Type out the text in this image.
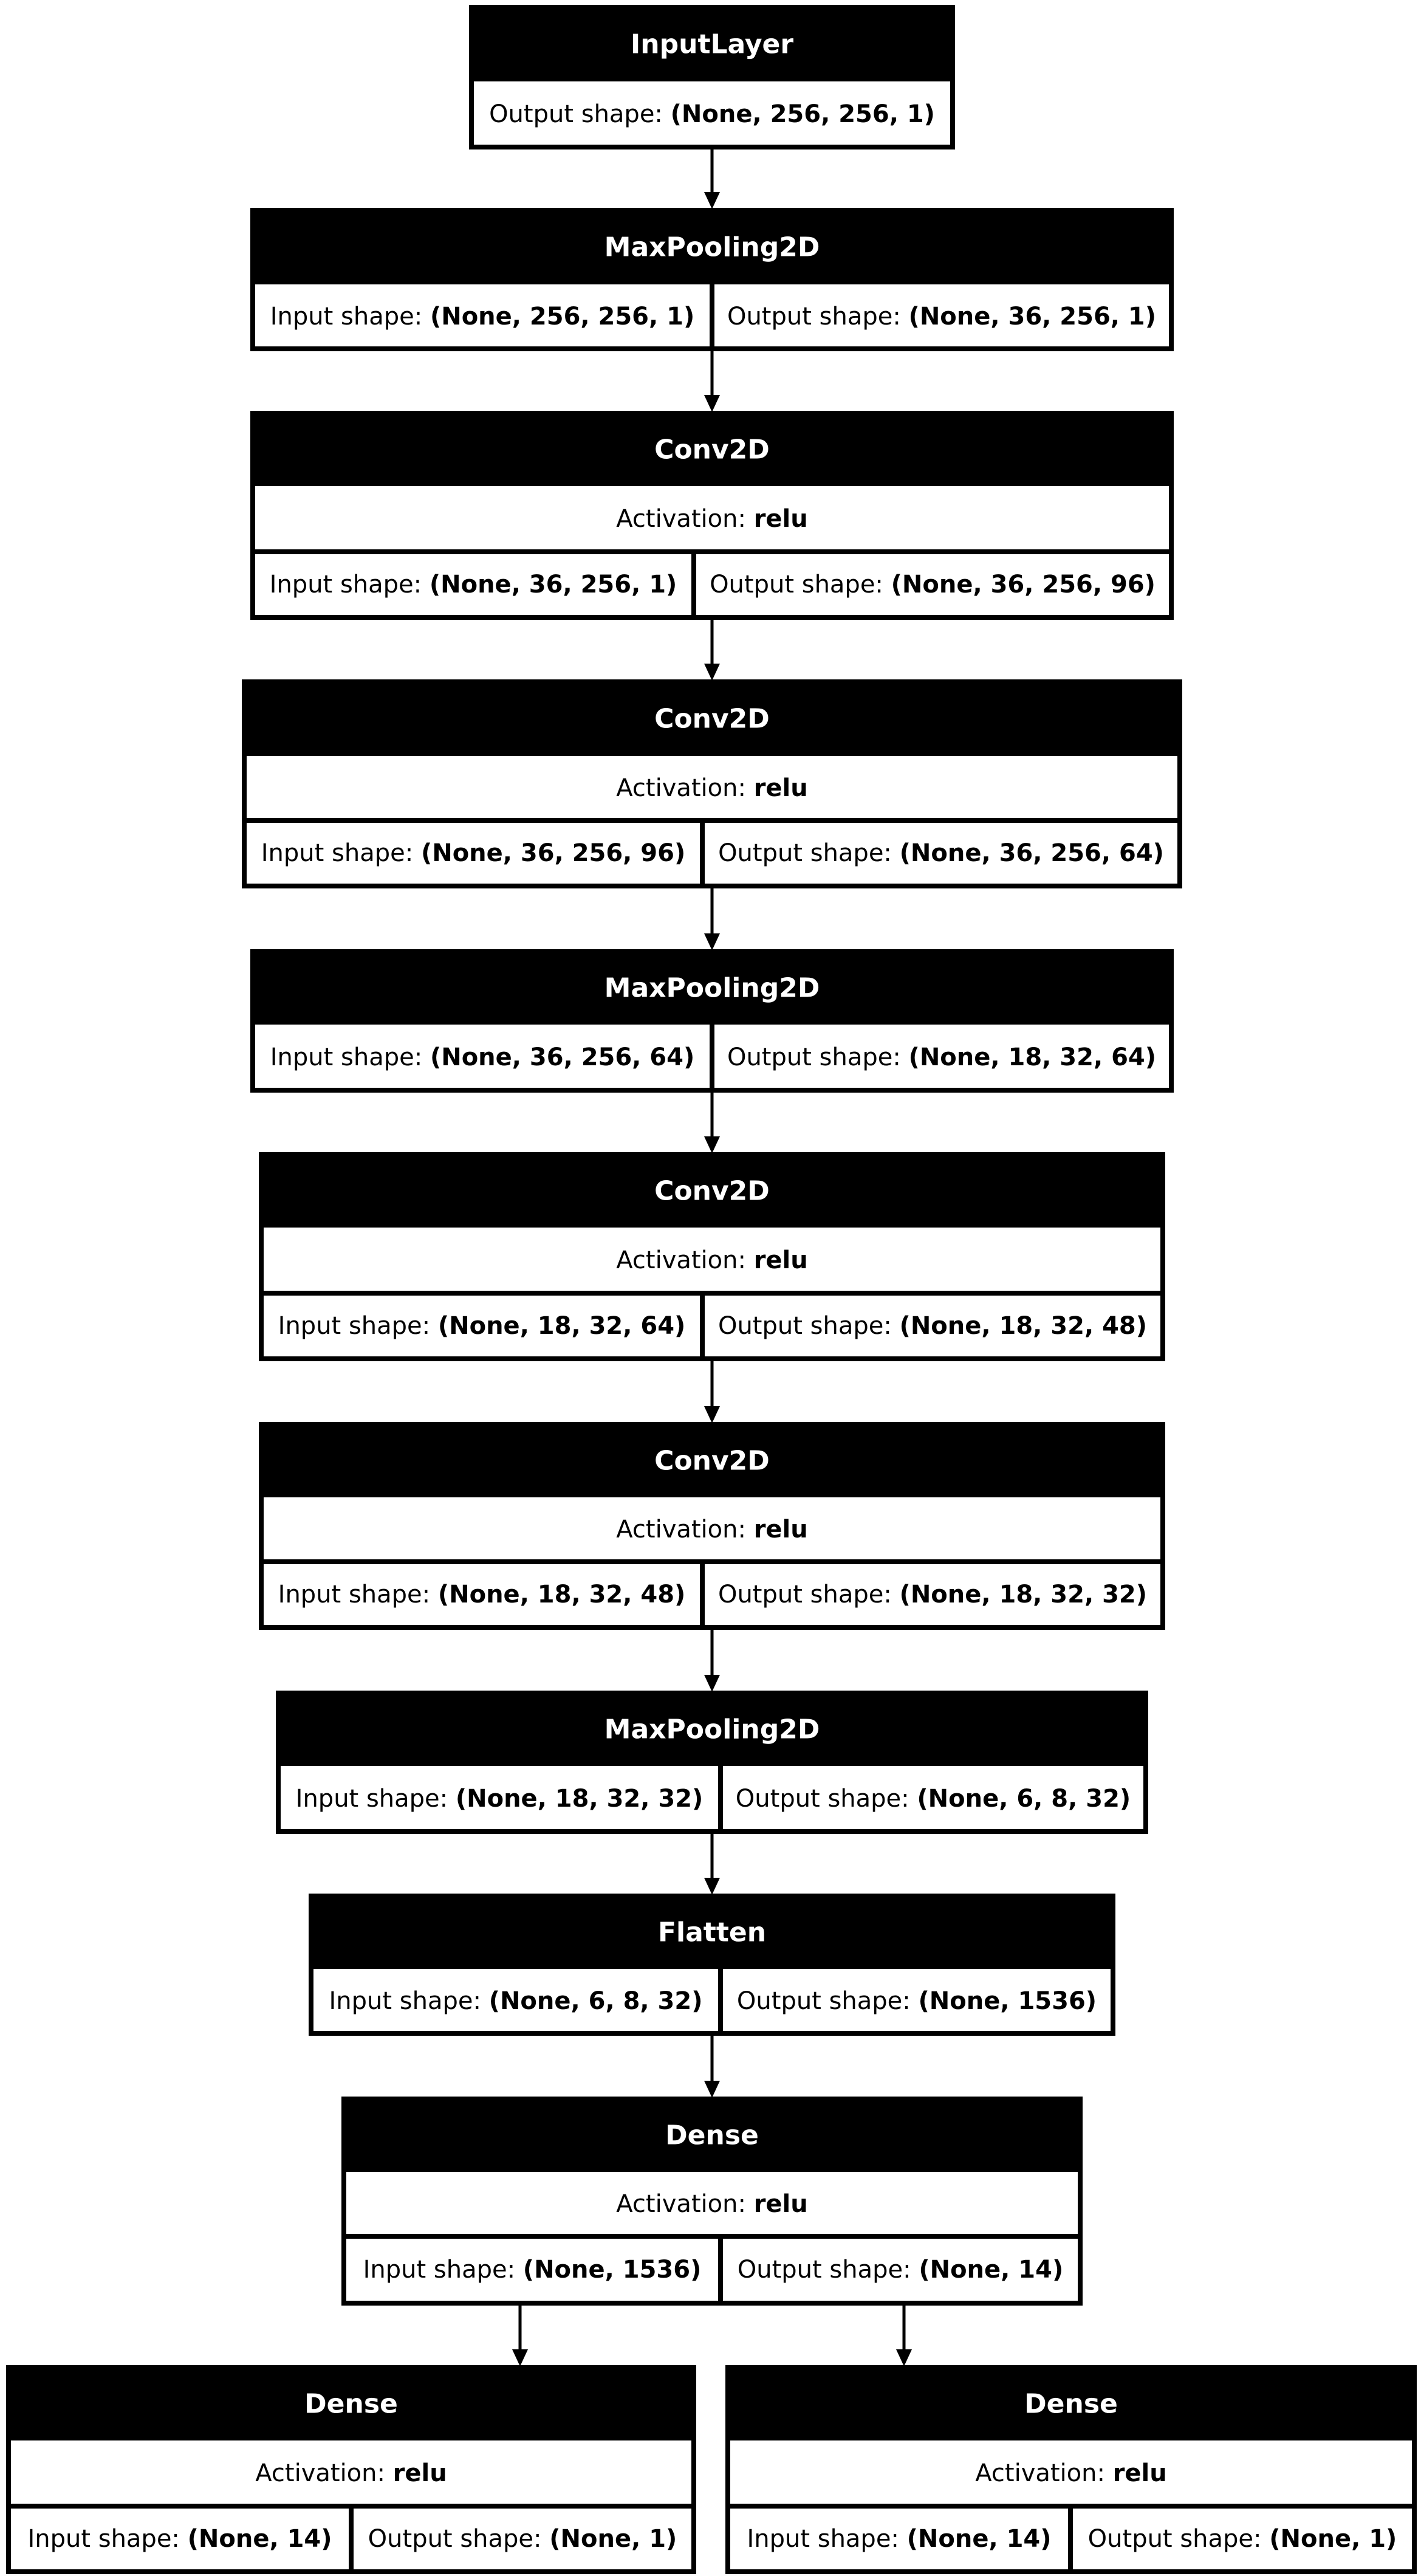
InputLayer
Output shape: (None, 256, 256, 1)
MaxPooling2D
Input shape: (None, 256, 256, 1) Output shape: (None, 36, 256, 1)
Conv2D
Activation: relu
Input shape: (None, 36, 256, 1) Output shape: (None, 36, 256, 96)
Conv2D
Activation: relu
Input shape: (None, 36, 256, 96) Output shape: (None, 36, 256, 64)
MaxPooling2D
Input shape: (None, 36, 256, 64) Output shape: (None, 18, 32, 64)
Conv2D
Activation: relu
Input shape: (None, 18, 32, 64) Output shape: (None, 18, 32, 48)
Conv2D
Activation: relu
Input shape: (None, 18, 32, 48) Output shape: (None, 18, 32, 32)
MaxPooling2D
Input shape: (None, 18, 32, 32) Output shape: (None, 6, 8, 32)
Flatten
Input shape: (None, 6, 8, 32) Output shape: (None, 1536)
Dense
Activation: relu
Input shape: (None, 1536) Output shape: (None, 14)
Dense
Activation: relu
Input shape: (None, 14) Output shape: (None, 1)
Dense
Activation: relu
Input shape: (None, 14) Output shape: (None, 1)
